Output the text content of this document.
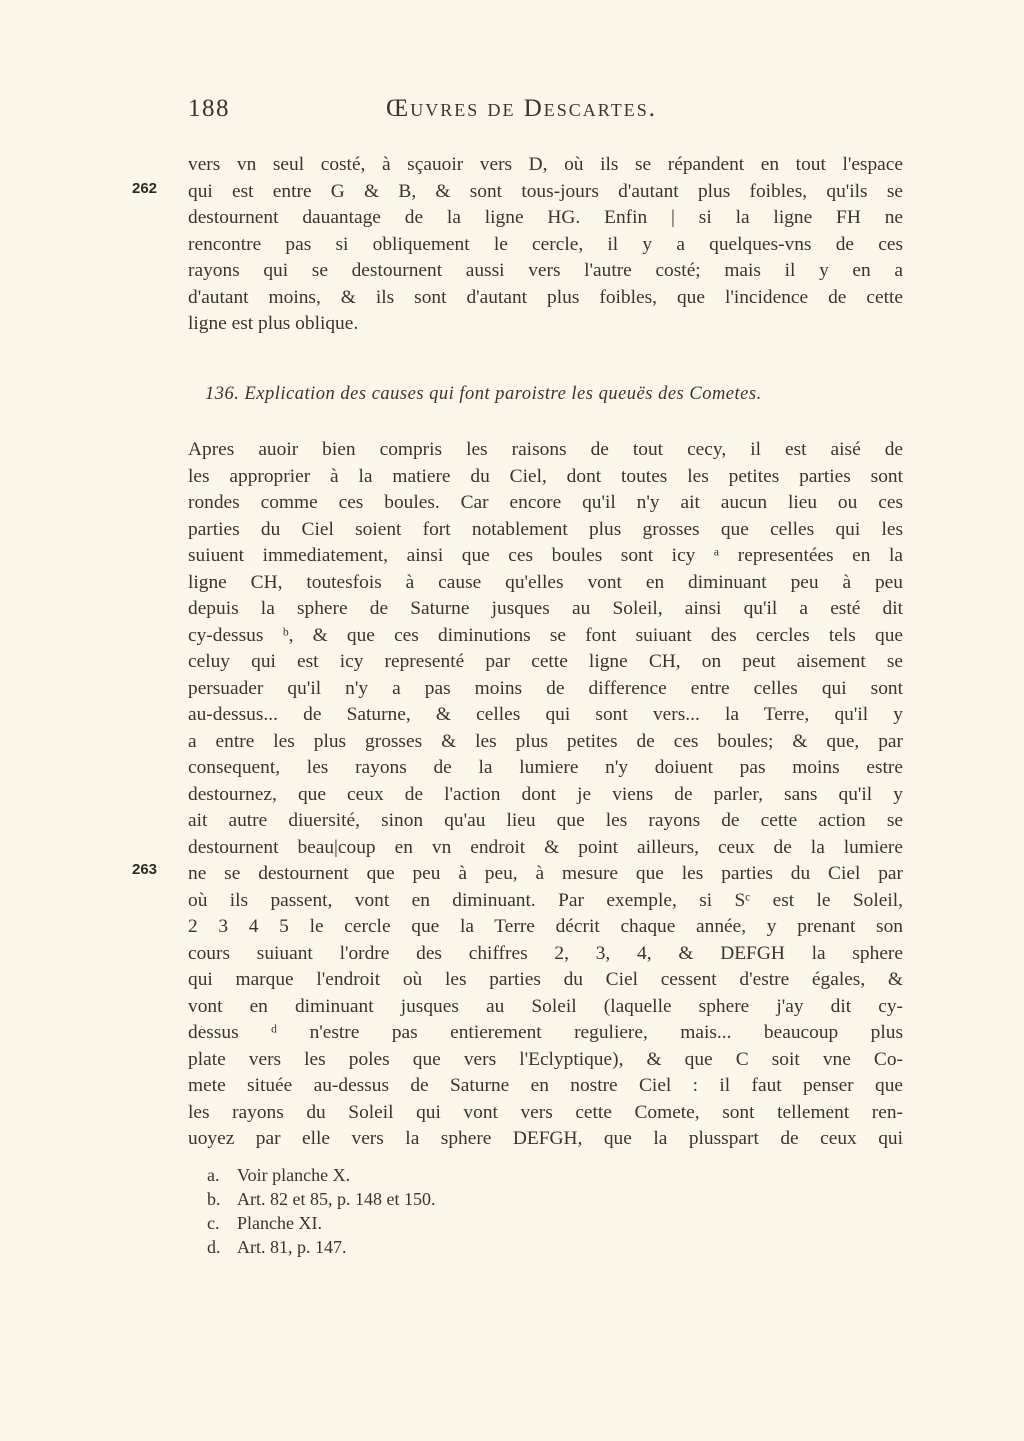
188	Œuvres de Descartes.
262
263
vers vn seul costé, à sçauoir vers D, où ils se répandent en tout l'espace
qui est entre G & B, & sont tous-jours d'autant plus foibles, qu'ils se
destournent dauantage de la ligne HG. Enfin | si la ligne FH ne
rencontre pas si obliquement le cercle, il y a quelques-vns de ces
rayons qui se destournent aussi vers l'autre costé; mais il y en a
d'autant moins, & ils sont d'autant plus foibles, que l'incidence de cette
ligne est plus oblique.
136. Explication des causes qui font paroistre les queuës des Cometes.
Apres auoir bien compris les raisons de tout cecy, il est aisé de
les approprier à la matiere du Ciel, dont toutes les petites parties sont
rondes comme ces boules. Car encore qu'il n'y ait aucun lieu ou ces
parties du Ciel soient fort notablement plus grosses que celles qui les
suiuent immediatement, ainsi que ces boules sont icy ᵃ representées en la
ligne CH, toutesfois à cause qu'elles vont en diminuant peu à peu
depuis la sphere de Saturne jusques au Soleil, ainsi qu'il a esté dit
cy-dessus ᵇ, & que ces diminutions se font suiuant des cercles tels que
celuy qui est icy representé par cette ligne CH, on peut aisement se
persuader qu'il n'y a pas moins de difference entre celles qui sont
au-dessus... de Saturne, & celles qui sont vers... la Terre, qu'il y
a entre les plus grosses & les plus petites de ces boules; & que, par
consequent, les rayons de la lumiere n'y doiuent pas moins estre
destournez, que ceux de l'action dont je viens de parler, sans qu'il y
ait autre diuersité, sinon qu'au lieu que les rayons de cette action se
destournent beau|coup en vn endroit & point ailleurs, ceux de la lumiere
ne se destournent que peu à peu, à mesure que les parties du Ciel par
où ils passent, vont en diminuant. Par exemple, si Sᶜ est le Soleil,
2 3 4 5 le cercle que la Terre décrit chaque année, y prenant son
cours suiuant l'ordre des chiffres 2, 3, 4, & DEFGH la sphere
qui marque l'endroit où les parties du Ciel cessent d'estre égales, &
vont en diminuant jusques au Soleil (laquelle sphere j'ay dit cy-
dessus ᵈ n'estre pas entierement reguliere, mais... beaucoup plus
plate vers les poles que vers l'Eclyptique), & que C soit vne Co-
mete située au-dessus de Saturne en nostre Ciel : il faut penser que
les rayons du Soleil qui vont vers cette Comete, sont tellement ren-
uoyez par elle vers la sphere DEFGH, que la plusspart de ceux qui
a. Voir planche X.
b. Art. 82 et 85, p. 148 et 150.
c. Planche XI.
d. Art. 81, p. 147.
